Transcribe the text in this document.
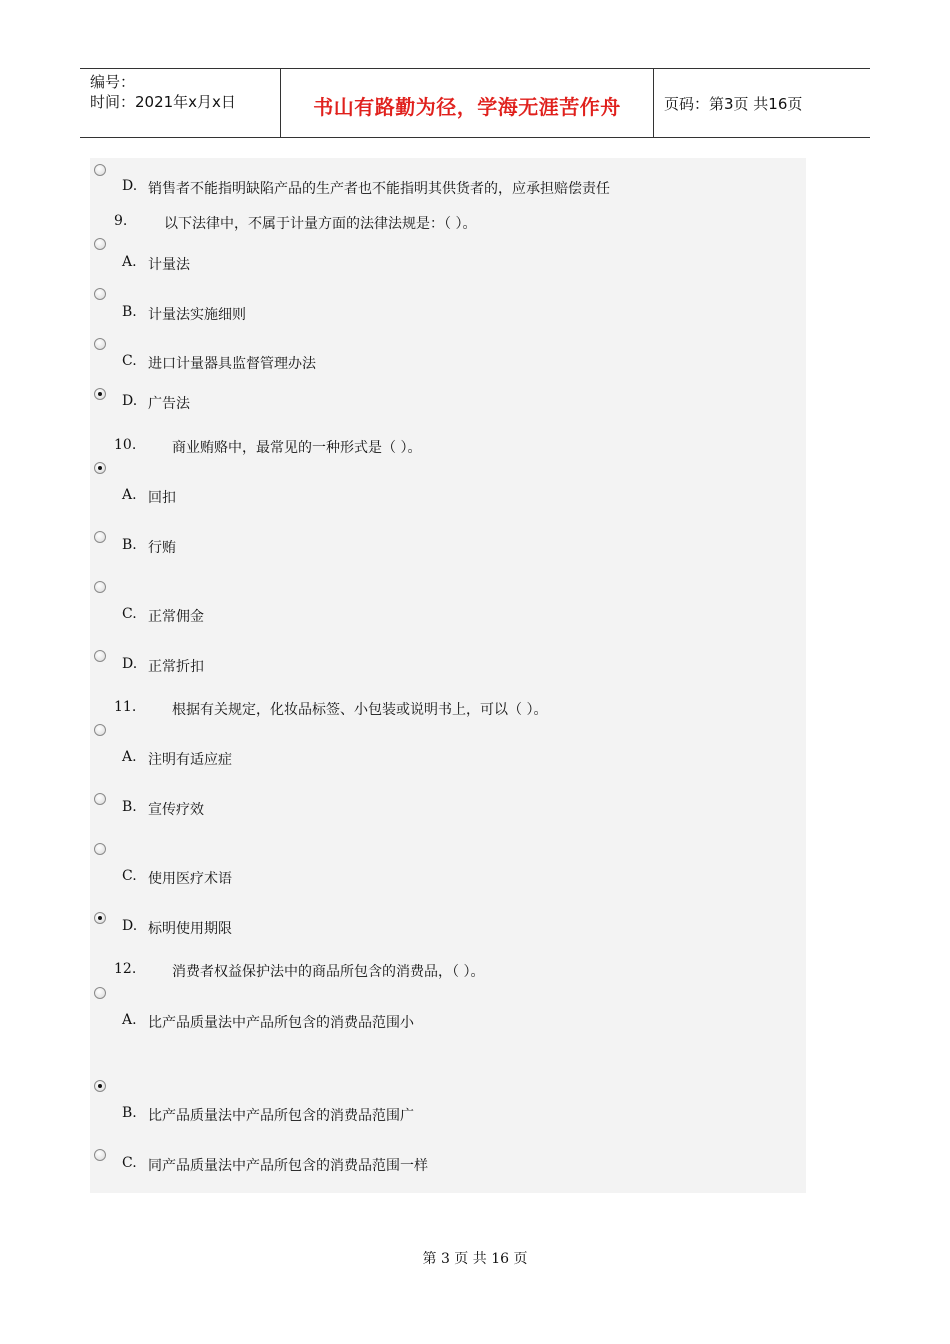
编号：
时间：2021年x月x日	书山有路勤为径，学海无涯苦作舟	页码：第3页 共16页
D. 销售者不能指明缺陷产品的生产者也不能指明其供货者的，应承担赔偿责任
9.	以下法律中，不属于计量方面的法律法规是：（ ）。
A. 计量法
B. 计量法实施细则
C. 进口计量器具监督管理办法
D. 广告法
10.	商业贿赂中，最常见的一种形式是（ ）。
A. 回扣
B. 行贿
C. 正常佣金
D. 正常折扣
11.	根据有关规定，化妆品标签、小包装或说明书上，可以（ ）。
A. 注明有适应症
B. 宣传疗效
C. 使用医疗术语
D. 标明使用期限
12.	消费者权益保护法中的商品所包含的消费品，（ ）。
A. 比产品质量法中产品所包含的消费品范围小
B. 比产品质量法中产品所包含的消费品范围广
C. 同产品质量法中产品所包含的消费品范围一样
第 3 页 共 16 页
